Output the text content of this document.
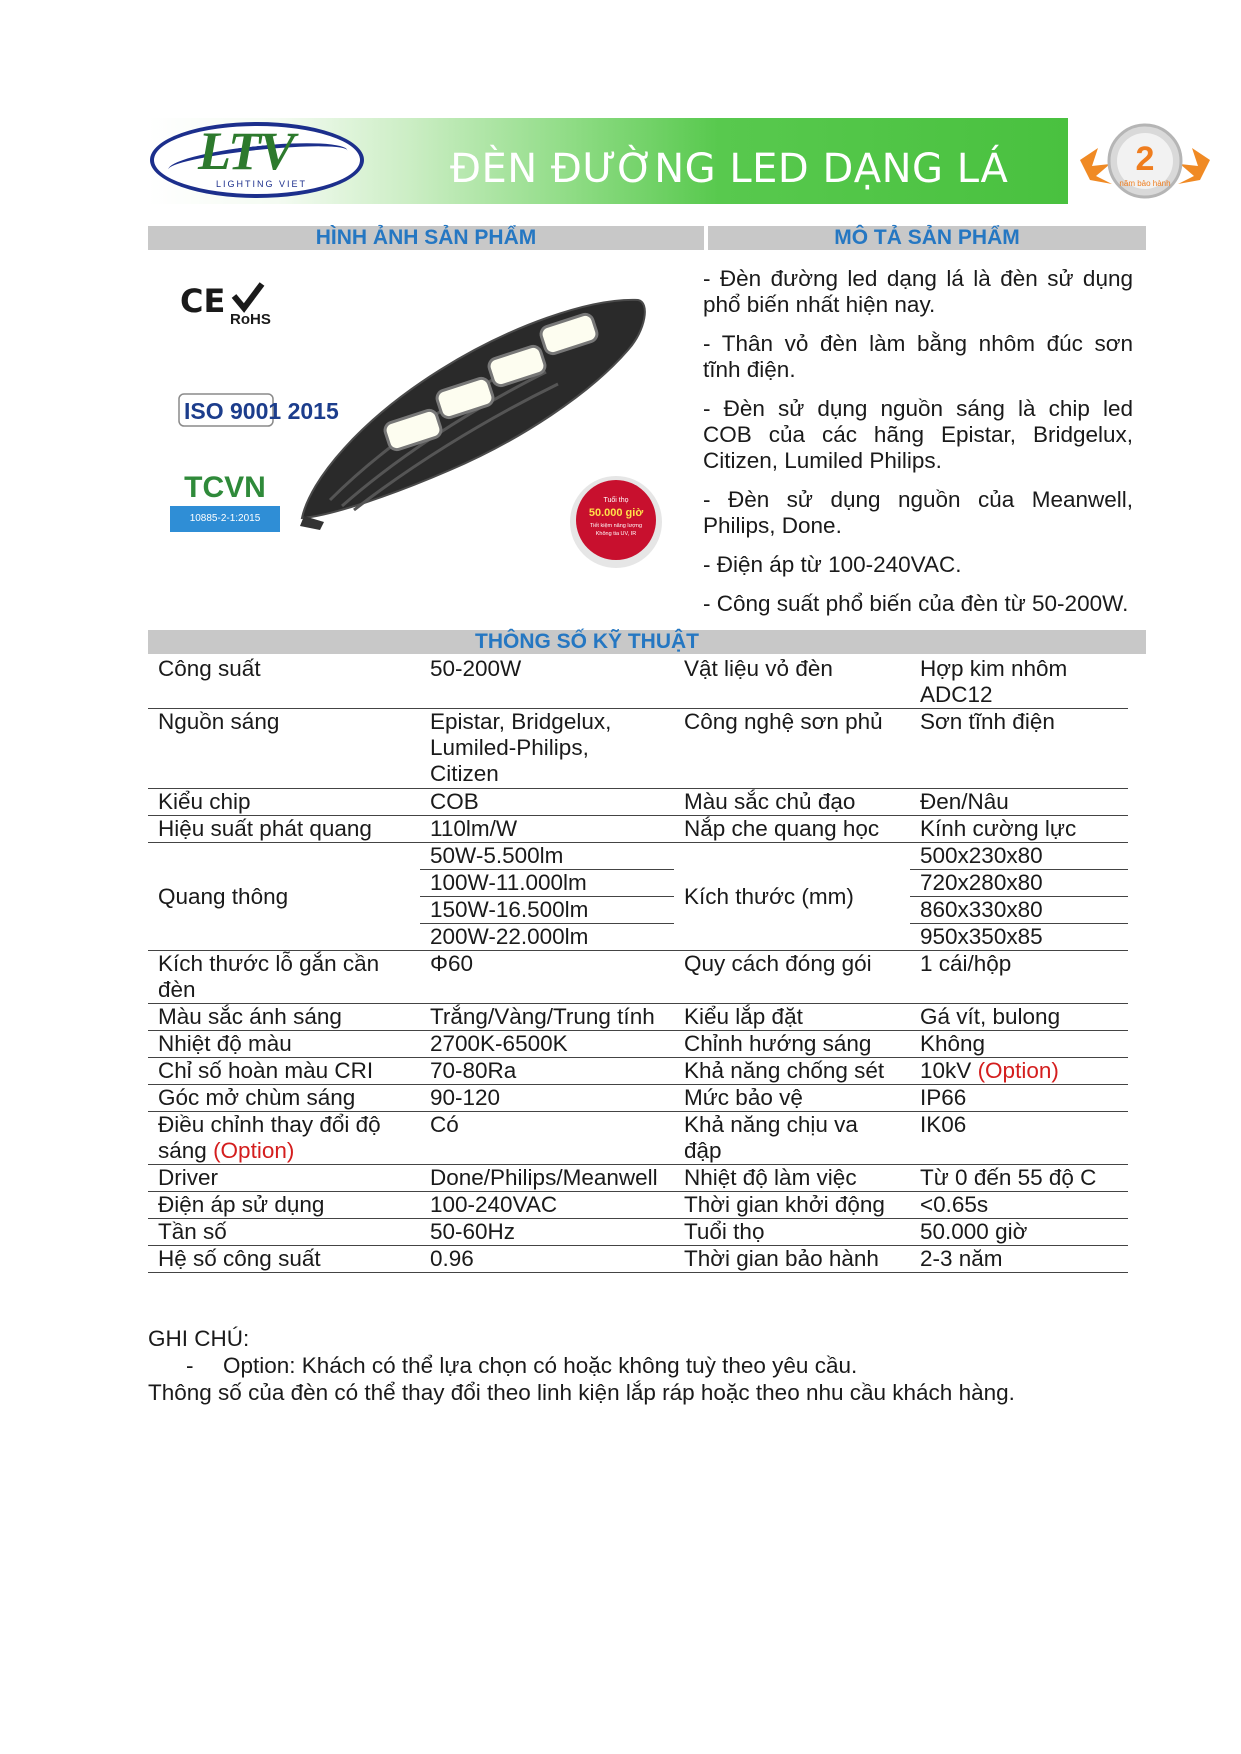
LTV
LIGHTING VIET	ĐÈN ĐƯỜNG LED DẠNG LÁ	2
năm bảo hành
HÌNH ẢNH SẢN PHẨM	MÔ TẢ SẢN PHẨM
CE RoHS
ISO 9001 2015
TCVN
10885-2-1:2015
Tuổi thọ
50.000 giờ
Tiết kiệm năng lượng
Không tia UV, IR
- Đèn đường led dạng lá là đèn sử dụng phổ biến nhất hiện nay.
- Thân vỏ đèn làm bằng nhôm đúc sơn tĩnh điện.
- Đèn sử dụng nguồn sáng là chip led COB của các hãng Epistar, Bridgelux, Citizen, Lumiled Philips.
- Đèn sử dụng nguồn của Meanwell, Philips, Done.
- Điện áp từ 100-240VAC.
- Công suất phổ biến của đèn từ 50-200W.
THÔNG SỐ KỸ THUẬT
Công suất	50-200W	Vật liệu vỏ đèn	Hợp kim nhôm ADC12
Nguồn sáng	Epistar, Bridgelux, Lumiled-Philips, Citizen	Công nghệ sơn phủ	Sơn tĩnh điện
Kiểu chip	COB	Màu sắc chủ đạo	Đen/Nâu
Hiệu suất phát quang	110lm/W	Nắp che quang học	Kính cường lực
Quang thông	50W-5.500lm	Kích thước (mm)	500x230x80
	100W-11.000lm		720x280x80
	150W-16.500lm		860x330x80
	200W-22.000lm		950x350x85
Kích thước lỗ gắn cần đèn	Φ60	Quy cách đóng gói	1 cái/hộp
Màu sắc ánh sáng	Trắng/Vàng/Trung tính	Kiểu lắp đặt	Gá vít, bulong
Nhiệt độ màu	2700K-6500K	Chỉnh hướng sáng	Không
Chỉ số hoàn màu CRI	70-80Ra	Khả năng chống sét	10kV (Option)
Góc mở chùm sáng	90-120	Mức bảo vệ	IP66
Điều chỉnh thay đổi độ sáng (Option)	Có	Khả năng chịu va đập	IK06
Driver	Done/Philips/Meanwell	Nhiệt độ làm việc	Từ 0 đến 55 độ C
Điện áp sử dụng	100-240VAC	Thời gian khởi động	<0.65s
Tần số	50-60Hz	Tuổi thọ	50.000 giờ
Hệ số công suất	0.96	Thời gian bảo hành	2-3 năm
GHI CHÚ:
- Option: Khách có thể lựa chọn có hoặc không tuỳ theo yêu cầu.
Thông số của đèn có thể thay đổi theo linh kiện lắp ráp hoặc theo nhu cầu khách hàng.
